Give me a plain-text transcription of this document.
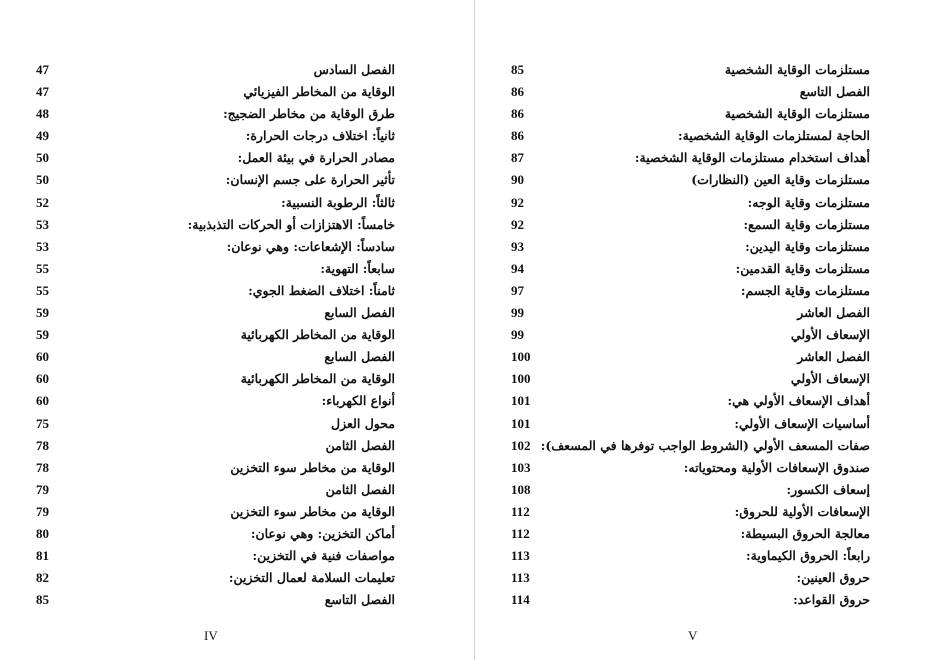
الفصل السادس
47
الوقاية من المخاطر الفيزيائي
47
طرق الوقاية من مخاطر الضجيج:
48
ثانياً: اختلاف درجات الحرارة:
49
مصادر الحرارة في بيئة العمل:
50
تأثير الحرارة على جسم الإنسان:
50
ثالثاً: الرطوبة النسبية:
52
خامساً: الاهتزازات أو الحركات التذبذبية:
53
سادساً: الإشعاعات: وهي نوعان:
53
سابعاً: التهوية:
55
ثامناً: اختلاف الضغط الجوي:
55
الفصل السابع
59
الوقاية من المخاطر الكهربائية
59
الفصل السابع
60
الوقاية من المخاطر الكهربائية
60
أنواع الكهرباء:
60
محول العزل
75
الفصل الثامن
78
الوقاية من مخاطر سوء التخزين
78
الفصل الثامن
79
الوقاية من مخاطر سوء التخزين
79
أماكن التخزين: وهي نوعان:
80
مواصفات فنية في التخزين:
81
تعليمات السلامة لعمال التخزين:
82
الفصل التاسع
85
مستلزمات الوقاية الشخصية
85
الفصل التاسع
86
مستلزمات الوقاية الشخصية
86
الحاجة لمستلزمات الوقاية الشخصية:
86
أهداف استخدام مستلزمات الوقاية الشخصية:
87
مستلزمات وقاية العين (النظارات)
90
مستلزمات وقاية الوجه:
92
مستلزمات وقاية السمع:
92
مستلزمات وقاية اليدين:
93
مستلزمات وقاية القدمين:
94
مستلزمات وقاية الجسم:
97
الفصل العاشر
99
الإسعاف الأولي
99
الفصل العاشر
100
الإسعاف الأولي
100
أهداف الإسعاف الأولي هي:
101
أساسيات الإسعاف الأولي:
101
صفات المسعف الأولي (الشروط الواجب توفرها في المسعف):
102
صندوق الإسعافات الأولية ومحتوياته:
103
إسعاف الكسور:
108
الإسعافات الأولية للحروق:
112
معالجة الحروق البسيطة:
112
رابعاً: الحروق الكيماوية:
113
حروق العينين:
113
حروق القواعد:
114
IV	V
